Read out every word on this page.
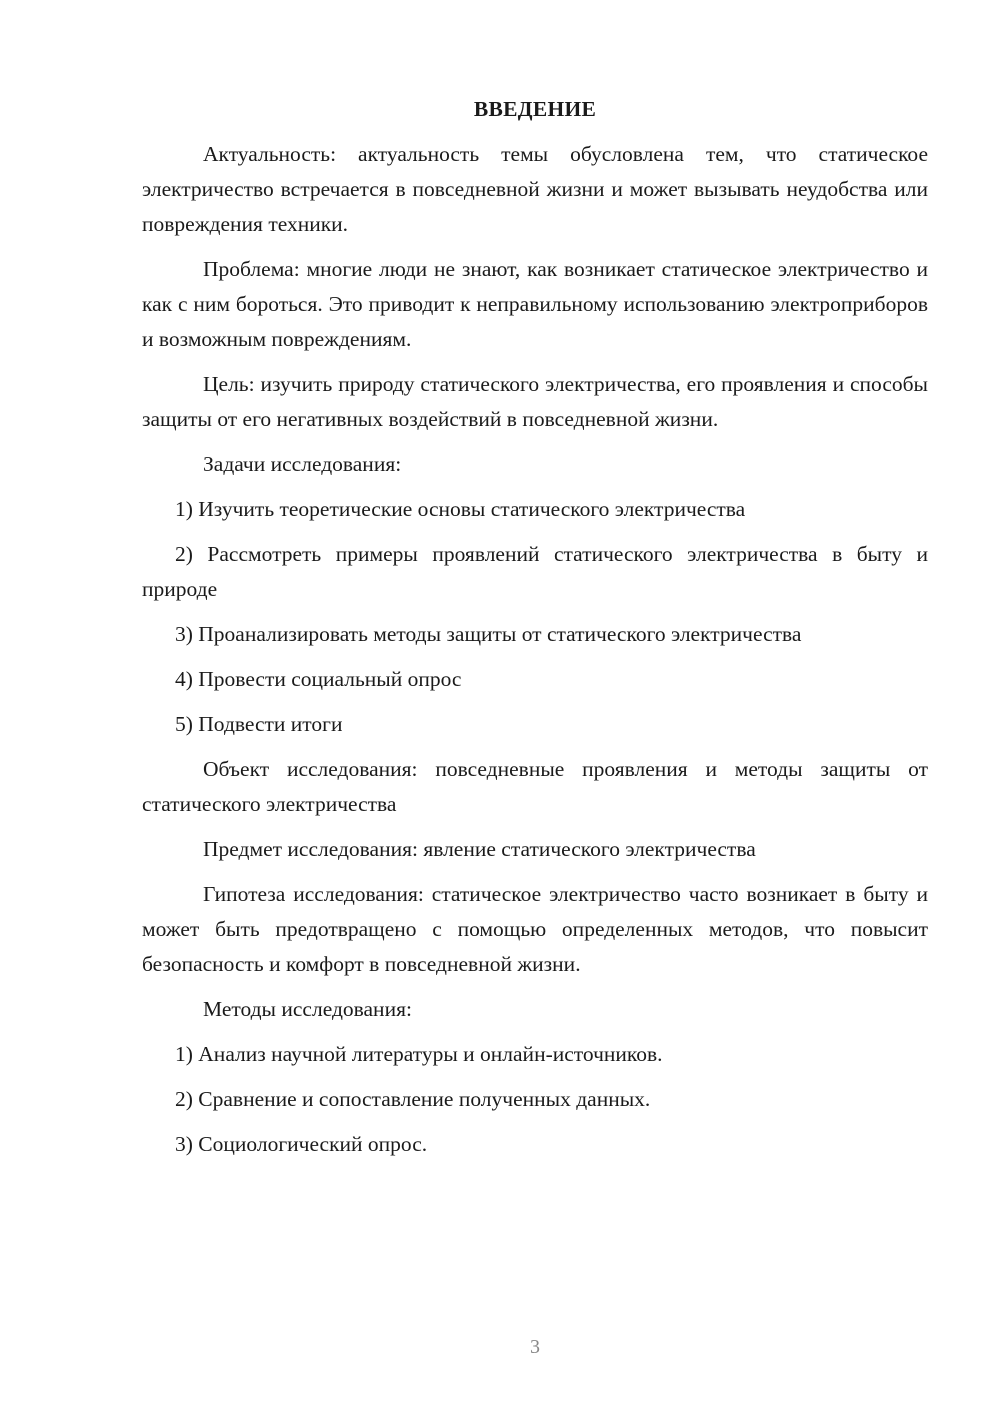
ВВЕДЕНИЕ

Актуальность: актуальность темы обусловлена тем, что статическое электричество встречается в повседневной жизни и может вызывать неудобства или повреждения техники.

Проблема: многие люди не знают, как возникает статическое электричество и как с ним бороться. Это приводит к неправильному использованию электроприборов и возможным повреждениям.

Цель: изучить природу статического электричества, его проявления и способы защиты от его негативных воздействий в повседневной жизни.

Задачи исследования:

1) Изучить теоретические основы статического электричества

2) Рассмотреть примеры проявлений статического электричества в быту и природе

3) Проанализировать методы защиты от статического электричества

4) Провести социальный опрос

5) Подвести итоги

Объект исследования: повседневные проявления и методы защиты от статического электричества

Предмет исследования: явление статического электричества

Гипотеза исследования: статическое электричество часто возникает в быту и может быть предотвращено с помощью определенных методов, что повысит безопасность и комфорт в повседневной жизни.

Методы исследования:

1) Анализ научной литературы и онлайн-источников.

2) Сравнение и сопоставление полученных данных.

3) Социологический опрос.

3
